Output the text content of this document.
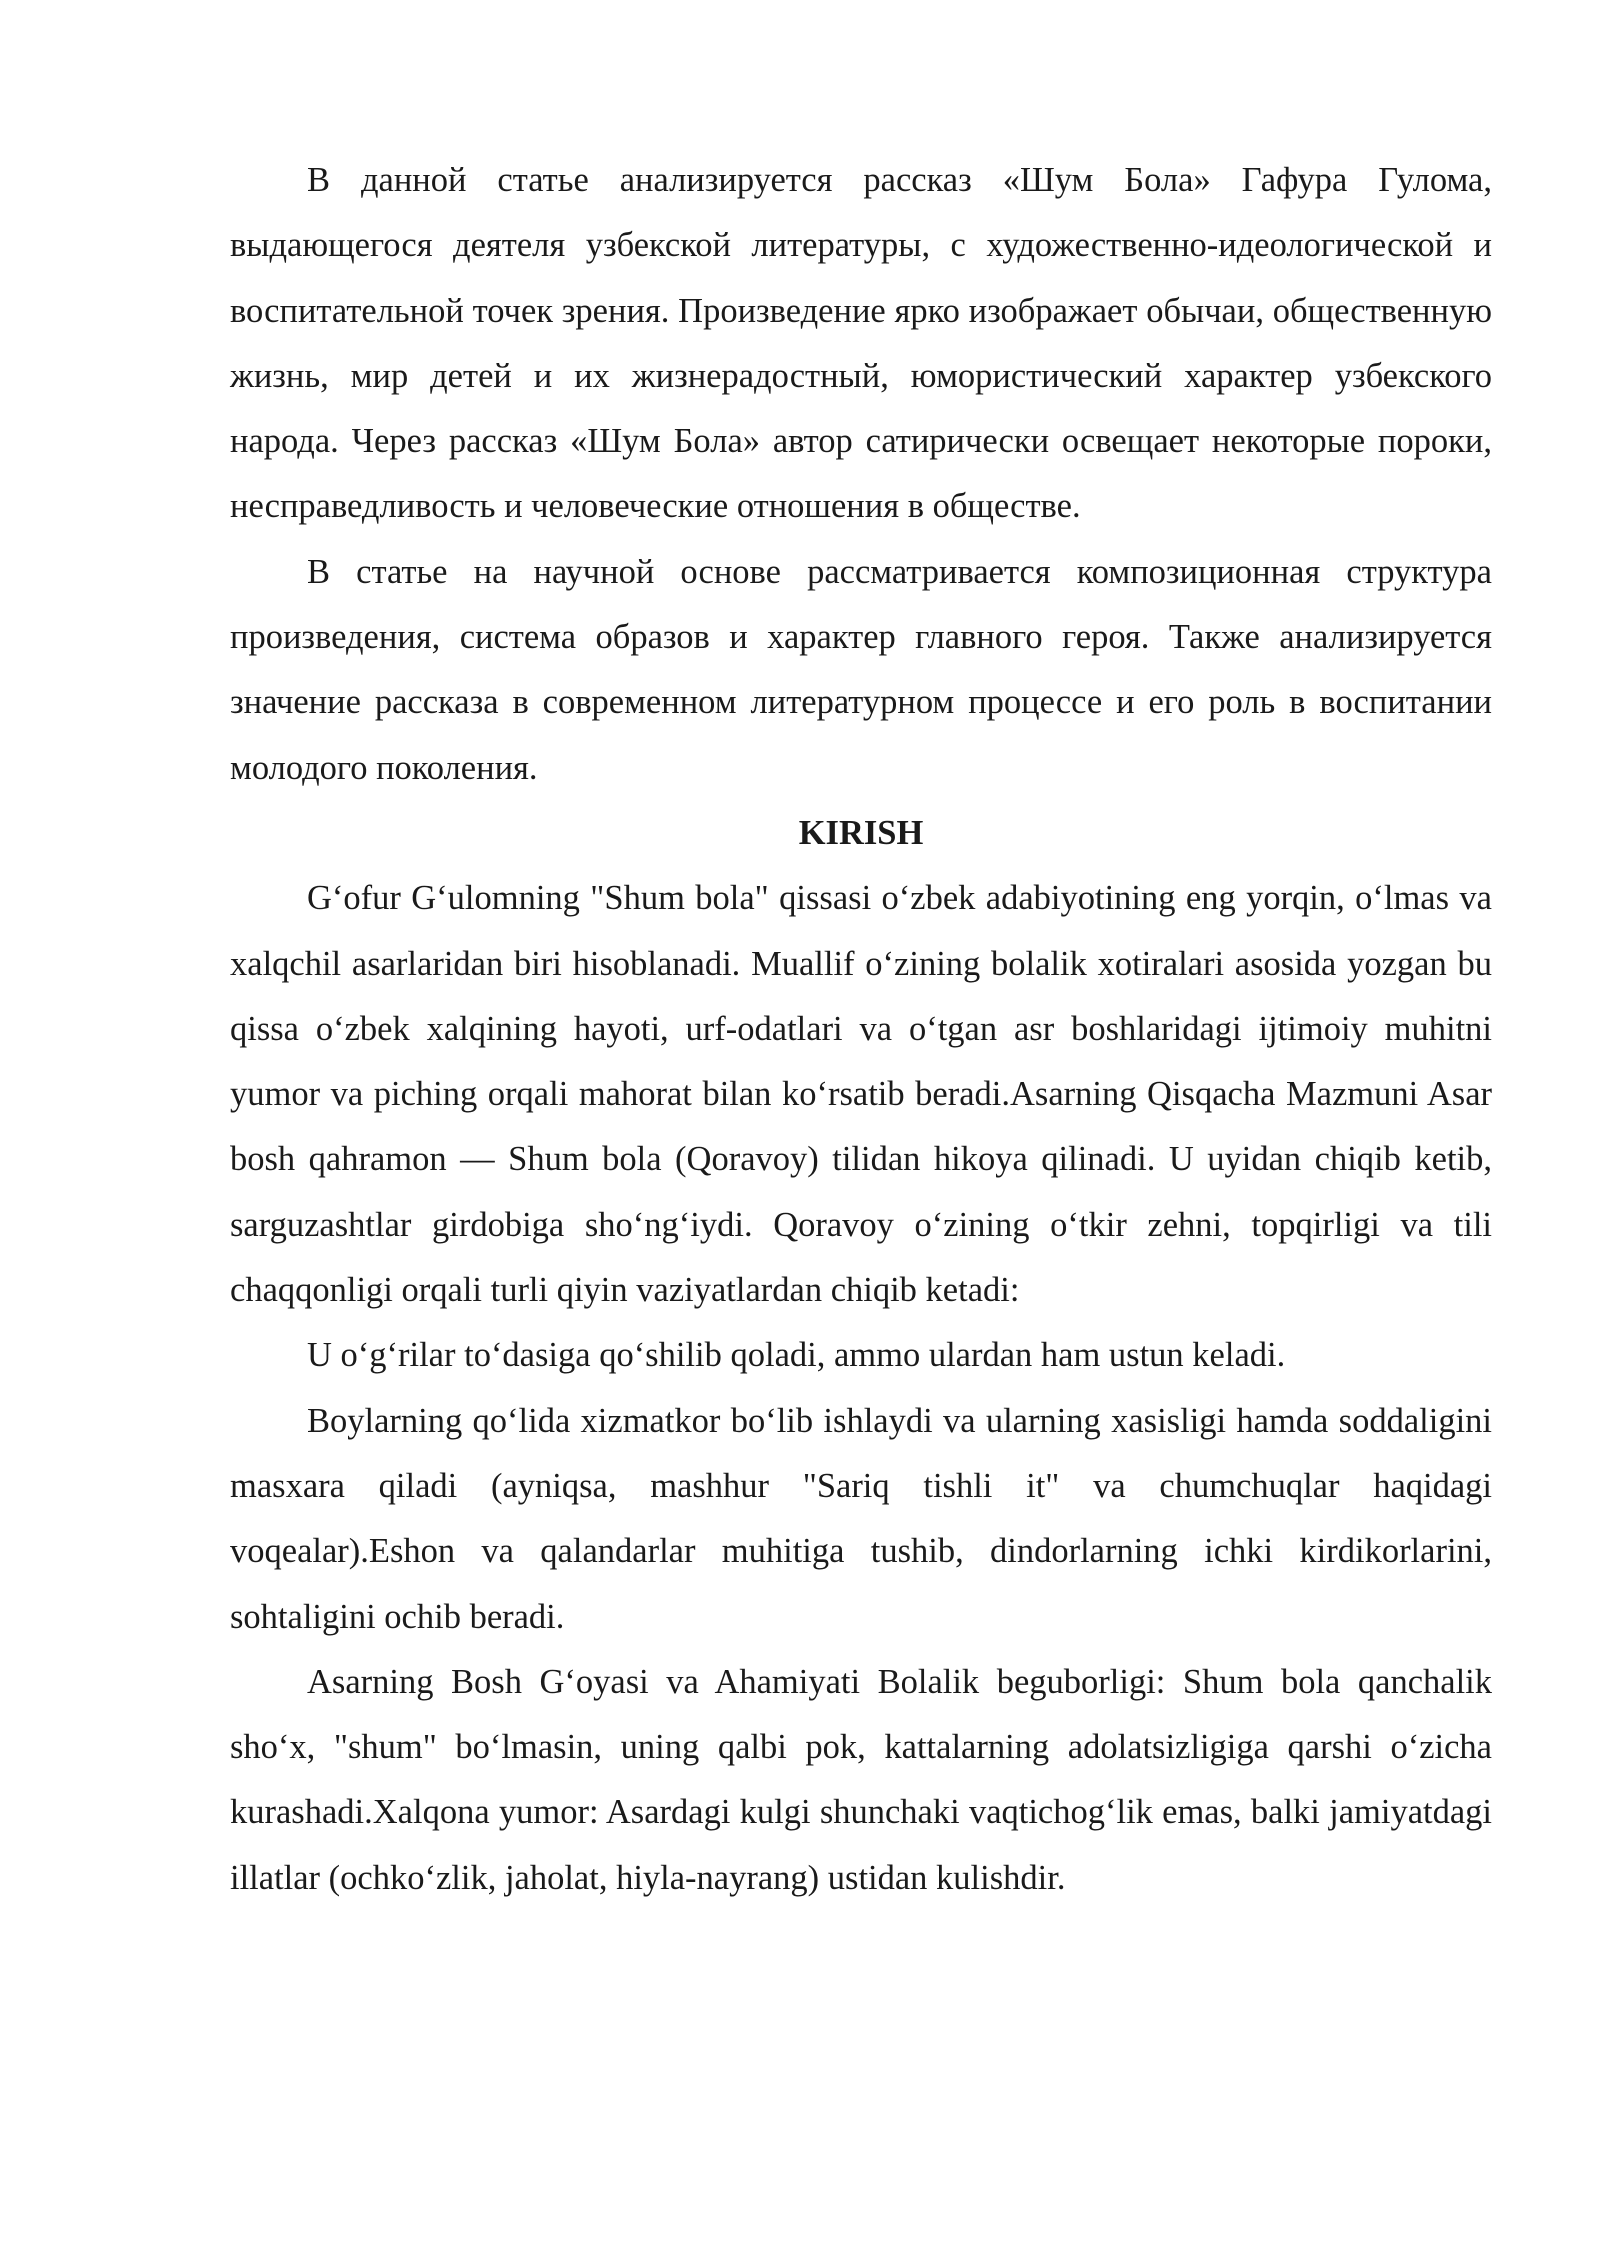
В данной статье анализируется рассказ «Шум Бола» Гафура Гулома, выдающегося деятеля узбекской литературы, с художественно-идеологической и воспитательной точек зрения. Произведение ярко изображает обычаи, общественную жизнь, мир детей и их жизнерадостный, юмористический характер узбекского народа. Через рассказ «Шум Бола» автор сатирически освещает некоторые пороки, несправедливость и человеческие отношения в обществе.

В статье на научной основе рассматривается композиционная структура произведения, система образов и характер главного героя. Также анализируется значение рассказа в современном литературном процессе и его роль в воспитании молодого поколения.

KIRISH

Gʻofur Gʻulomning "Shum bola" qissasi oʻzbek adabiyotining eng yorqin, oʻlmas va xalqchil asarlaridan biri hisoblanadi. Muallif oʻzining bolalik xotiralari asosida yozgan bu qissa oʻzbek xalqining hayoti, urf-odatlari va oʻtgan asr boshlaridagi ijtimoiy muhitni yumor va piching orqali mahorat bilan koʻrsatib beradi.Asarning Qisqacha Mazmuni Asar bosh qahramon — Shum bola (Qoravoy) tilidan hikoya qilinadi. U uyidan chiqib ketib, sarguzashtlar girdobiga shoʻngʻiydi. Qoravoy oʻzining oʻtkir zehni, topqirligi va tili chaqqonligi orqali turli qiyin vaziyatlardan chiqib ketadi:

U oʻgʻrilar toʻdasiga qoʻshilib qoladi, ammo ulardan ham ustun keladi.

Boylarning qoʻlida xizmatkor boʻlib ishlaydi va ularning xasisligi hamda soddaligini masxara qiladi (ayniqsa, mashhur "Sariq tishli it" va chumchuqlar haqidagi voqealar).Eshon va qalandarlar muhitiga tushib, dindorlarning ichki kirdikorlarini, sohtaligini ochib beradi.

Asarning Bosh Gʻoyasi va Ahamiyati Bolalik beguborligi: Shum bola qanchalik shoʻx, "shum" boʻlmasin, uning qalbi pok, kattalarning adolatsizligiga qarshi oʻzicha kurashadi.Xalqona yumor: Asardagi kulgi shunchaki vaqtichogʻlik emas, balki jamiyatdagi illatlar (ochkoʻzlik, jaholat, hiyla-nayrang) ustidan kulishdir.
